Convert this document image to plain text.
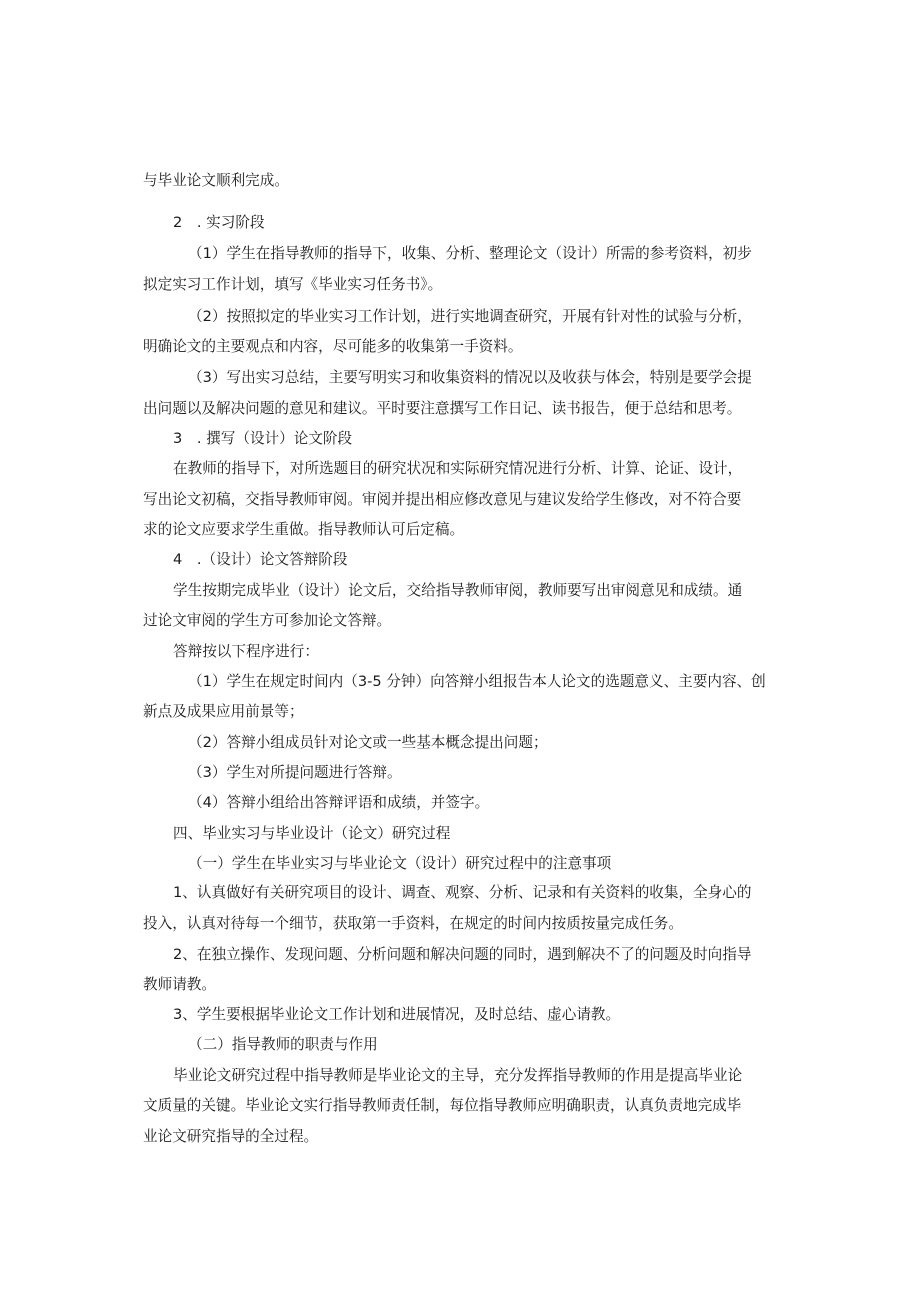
与毕业论文顺利完成。
2　. 实习阶段
（1）学生在指导教师的指导下，收集、分析、整理论文（设计）所需的参考资料，初步
拟定实习工作计划，填写《毕业实习任务书》。
（2）按照拟定的毕业实习工作计划，进行实地调查研究，开展有针对性的试验与分析，
明确论文的主要观点和内容，尽可能多的收集第一手资料。
（3）写出实习总结，主要写明实习和收集资料的情况以及收获与体会，特别是要学会提
出问题以及解决问题的意见和建议。平时要注意撰写工作日记、读书报告，便于总结和思考。
3　. 撰写（设计）论文阶段
在教师的指导下，对所选题目的研究状况和实际研究情况进行分析、计算、论证、设计，
写出论文初稿，交指导教师审阅。审阅并提出相应修改意见与建议发给学生修改，对不符合要
求的论文应要求学生重做。指导教师认可后定稿。
4　.（设计）论文答辩阶段
学生按期完成毕业（设计）论文后，交给指导教师审阅，教师要写出审阅意见和成绩。通
过论文审阅的学生方可参加论文答辩。
答辩按以下程序进行：
（1）学生在规定时间内（3-5 分钟）向答辩小组报告本人论文的选题意义、主要内容、创
新点及成果应用前景等；
（2）答辩小组成员针对论文或一些基本概念提出问题；
（3）学生对所提问题进行答辩。
（4）答辩小组给出答辩评语和成绩，并签字。
四、毕业实习与毕业设计（论文）研究过程
（一）学生在毕业实习与毕业论文（设计）研究过程中的注意事项
1、认真做好有关研究项目的设计、调查、观察、分析、记录和有关资料的收集，全身心的
投入，认真对待每一个细节，获取第一手资料，在规定的时间内按质按量完成任务。
2、在独立操作、发现问题、分析问题和解决问题的同时，遇到解决不了的问题及时向指导
教师请教。
3、学生要根据毕业论文工作计划和进展情况，及时总结、虚心请教。
（二）指导教师的职责与作用
毕业论文研究过程中指导教师是毕业论文的主导，充分发挥指导教师的作用是提高毕业论
文质量的关键。毕业论文实行指导教师责任制，每位指导教师应明确职责，认真负责地完成毕
业论文研究指导的全过程。
